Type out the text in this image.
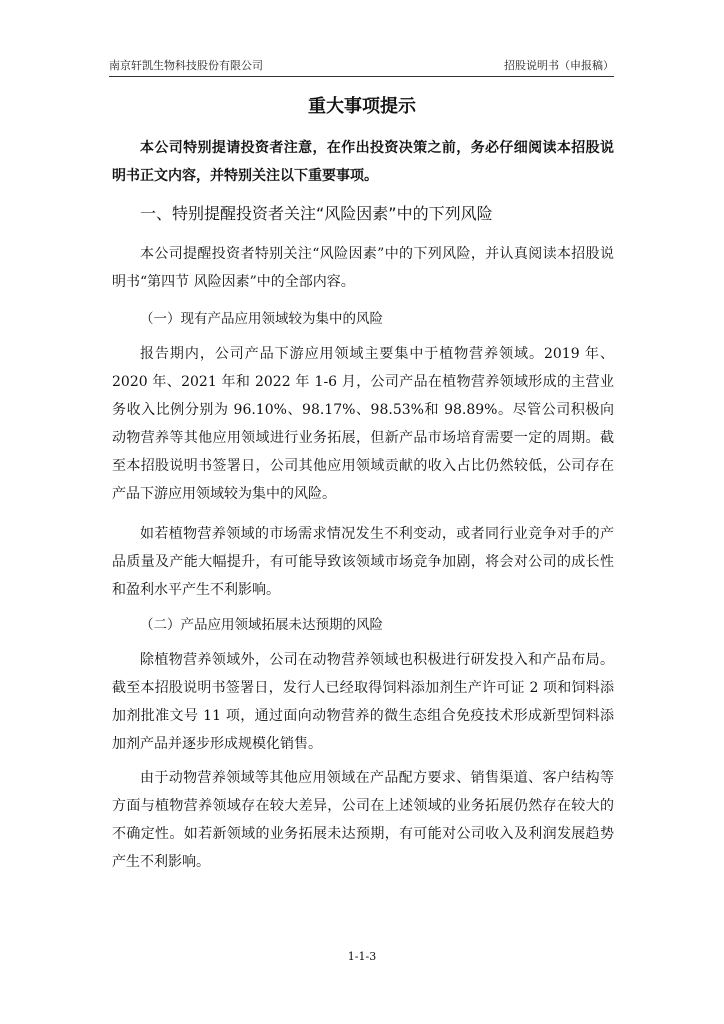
南京轩凯生物科技股份有限公司	招股说明书（申报稿）
重大事项提示

本公司特别提请投资者注意，在作出投资决策之前，务必仔细阅读本招股说明书正文内容，并特别关注以下重要事项。

一、特别提醒投资者关注“风险因素”中的下列风险

本公司提醒投资者特别关注“风险因素”中的下列风险，并认真阅读本招股说明书“第四节 风险因素”中的全部内容。

（一）现有产品应用领域较为集中的风险

报告期内，公司产品下游应用领域主要集中于植物营养领域。2019 年、2020 年、2021 年和 2022 年 1-6 月，公司产品在植物营养领域形成的主营业务收入比例分别为 96.10%、98.17%、98.53%和 98.89%。尽管公司积极向动物营养等其他应用领域进行业务拓展，但新产品市场培育需要一定的周期。截至本招股说明书签署日，公司其他应用领域贡献的收入占比仍然较低，公司存在产品下游应用领域较为集中的风险。

如若植物营养领域的市场需求情况发生不利变动，或者同行业竞争对手的产品质量及产能大幅提升，有可能导致该领域市场竞争加剧，将会对公司的成长性和盈利水平产生不利影响。

（二）产品应用领域拓展未达预期的风险

除植物营养领域外，公司在动物营养领域也积极进行研发投入和产品布局。截至本招股说明书签署日，发行人已经取得饲料添加剂生产许可证 2 项和饲料添加剂批准文号 11 项，通过面向动物营养的微生态组合免疫技术形成新型饲料添加剂产品并逐步形成规模化销售。

由于动物营养领域等其他应用领域在产品配方要求、销售渠道、客户结构等方面与植物营养领域存在较大差异，公司在上述领域的业务拓展仍然存在较大的不确定性。如若新领域的业务拓展未达预期，有可能对公司收入及利润发展趋势产生不利影响。

1-1-3
